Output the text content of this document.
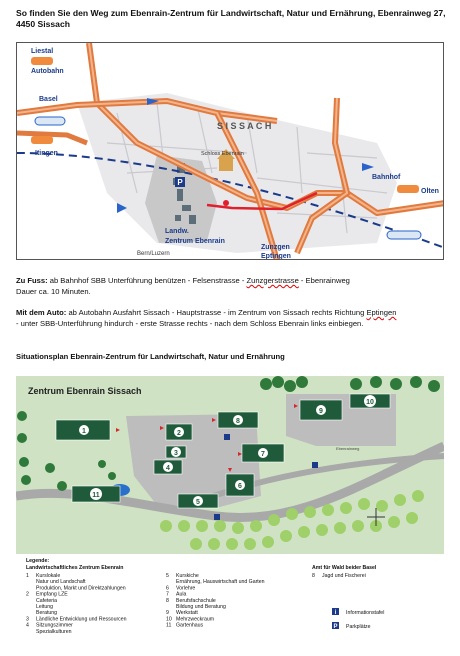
So finden Sie den Weg zum Ebenrain-Zentrum für Landwirtschaft, Natur und Ernährung, Ebenrainweg 27, 4450 Sissach
P
Liestal
Autobahn
Basel
Itingen
Bahnhof
Olten
Landw.
Zentrum Ebenrain
Zunzgen
Eptingen
S I S S A C H
Schloss Ebenrain
Bern/Luzern
Zu Fuss: ab Bahnhof SBB Unterführung benützen - Felsenstrasse - Zunzgerstrasse - Ebenrainweg
Dauer ca. 10 Minuten.
Mit dem Auto: ab Autobahn Ausfahrt Sissach - Hauptstrasse - im Zentrum von Sissach rechts Richtung Eptingen
- unter SBB-Unterführung hindurch - erste Strasse rechts - nach dem Schloss Ebenrain links einbiegen.
Situationsplan Ebenrain-Zentrum für Landwirtschaft, Natur und Ernährung
Zentrum Ebenrain Sissach
Ebenrainweg
1	2
3
4
5
6
7
8
9
10
11
Legende:
Landwirtschaftliches Zentrum Ebenrain	Amt für Wald beider Basel
1 Kurslokale
Natur und Landschaft
Produktion, Markt und Direktzahlungen
2 Empfang LZE
Cafeteria
Leitung
Beratung
3 Ländliche Entwicklung und Ressourcen
4 Sitzungszimmer
Spezialkulturen
5 Kurskiche
Ernährung, Hauswirtschaft und Garten
6 Vorlehre
7 Aula
8 Berufsfachschule
Bildung und Beratung
9 Werkstatt
10 Mehrzweckraum
11 Gartenhaus
8 Jagd und Fischerei
i Informationstafel
P Parkplätze
